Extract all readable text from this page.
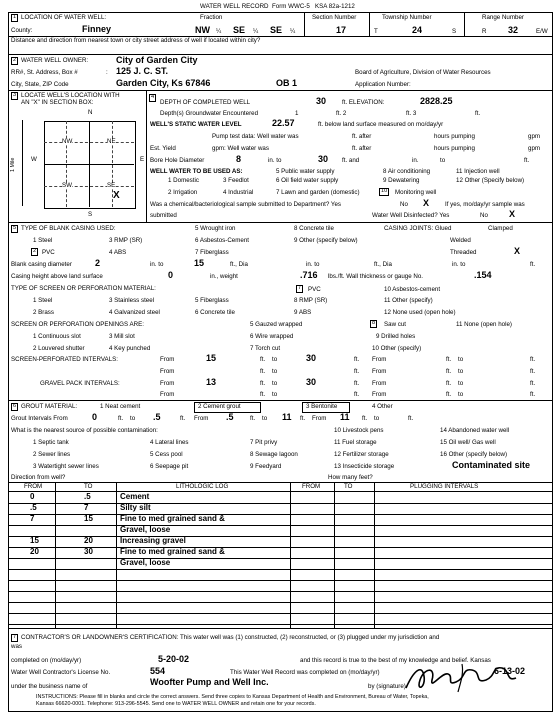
WATER WELL RECORD Form WWC-5 KSA 82a-1212
1 LOCATION OF WATER WELL:
County:	Finney
Fraction
NW ¼ SE ¼ SE ¼
Section Number
17
Township Number
T	24	S
Range Number
R 32	E/W
Distance and direction from nearest town or city street address of well if located within city?
2 WATER WELL OWNER:	City of Garden City
RR#, St. Address, Box #	: 125 J. C. ST.
City, State, ZIP Code	Garden City, Ks 67846	OB 1
Board of Agriculture, Division of Water Resources
Application Number:
3 LOCATE WELL'S LOCATION WITH
AN "X" IN SECTION BOX:
N
S
W	E
1 Mile
NW	NE
SW	SE
X
4
DEPTH OF COMPLETED WELL	30	ft. ELEVATION:	2828.25
Depth(s) Groundwater Encountered	1	ft. 2	ft. 3	ft.
WELL'S STATIC WATER LEVEL	22.57	ft. below land surface measured on mo/day/yr
Pump test data: Well water was	ft. after	hours pumping	gpm
Est. Yield	gpm: Well water was	ft. after	hours pumping	gpm
Bore Hole Diameter	8	in. to	30 ft. and	in.	to	ft.
WELL WATER TO BE USED AS:
1 Domestic	3 Feedlot
5 Public water supply	8 Air conditioning	11 Injection well
2 Irrigation	4 Industrial
6 Oil field water supply	9 Dewatering	12 Other (Specify below)
7 Lawn and garden (domestic)	10	Monitoring well
Was a chemical/bacteriological sample submitted to Department? Yes	No X	If yes, mo/day/yr sample was
submitted	Water Well Disinfected? Yes	No X
5 TYPE OF BLANK CASING USED:
1 Steel	3 RMP (SR)
4 ABS
5 Wrought iron
6 Asbestos-Cement
7 Fiberglass
8 Concrete tile
9 Other (specify below)
2 PVC
CASING JOINTS: Glued	Clamped
Welded
Threaded	X
Blank casing diameter	2	in. to	15	ft., Dia	in. to	ft., Dia	in. to	ft.
Casing height above land surface	0	in., weight	.716 lbs./ft. Wall thickness or gauge No.	.154
TYPE OF SCREEN OR PERFORATION MATERIAL:
1 Steel	3 Stainless steel	5 Fiberglass
7	PVC	10 Asbestos-cement
2 Brass	4 Galvanized steel	6 Concrete tile
8 RMP (SR)	11 Other (specify)
9 ABS	12 None used (open hole)
SCREEN OR PERFORATION OPENINGS ARE:	5 Gauzed wrapped	8	Saw cut	11 None (open hole)
1 Continuous slot	3 Mill slot	6 Wire wrapped	9 Drilled holes
2 Louvered shutter	4 Key punched	7 Torch cut	10 Other (specify)
SCREEN-PERFORATED INTERVALS:	From	15	ft. to	30	ft. From	ft. to	ft.
From	ft. to	ft. From	ft. to	ft.
GRAVEL PACK INTERVALS:	From	13	ft. to	30	ft. From	ft. to	ft.
From	ft. to	ft. From	ft. to	ft.
6 GROUT MATERIAL:	1 Neat cement	2 Cement grout	3 Bentonite	4 Other
Grout Intervals From	0	ft. to .5	ft. From .5	ft. to 11 ft. From 11 ft. to	ft.
What is the nearest source of possible contamination:	10 Livestock pens	14 Abandoned water well
1 Septic tank	4 Lateral lines	7 Pit privy	11 Fuel storage	15 Oil well/ Gas well
2 Sewer lines	5 Cess pool	8 Sewage lagoon	12 Fertilizer storage	16 Other (specify below)
3 Watertight sewer lines	6 Seepage pit	9 Feedyard	13 Insecticide storage	Contaminated site
Direction from well?	How many feet?
FROM	TO	LITHOLOGIC LOG	FROM	TO	PLUGGING INTERVALS
0	.5	Cement
.5	7	Silty silt
7	15	Fine to med grained sand &
Gravel, loose
15	20	Increasing gravel
20	30	Fine to med grained sand &
Gravel, loose
7 CONTRACTOR'S OR LANDOWNER'S CERTIFICATION: This water well was (1) constructed, (2) reconstructed, or (3) plugged under my jurisdiction and
was
completed on (mo/day/yr)	5-20-02	and this record is true to the best of my knowledge and belief. Kansas
Water Well Contractor's License No.	554	This Water Well Record was completed on (mo/day/yr)	6-13-02
under the business name of	Woofter Pump and Well Inc.	by (signature)
INSTRUCTIONS: Please fill in blanks and circle the correct answers. Send three copies to Kansas Department of Health and Environment, Bureau of Water, Topeka,
Kansas 66620-0001. Telephone: 913-296-5545. Send one to WATER WELL OWNER and retain one for your records.
